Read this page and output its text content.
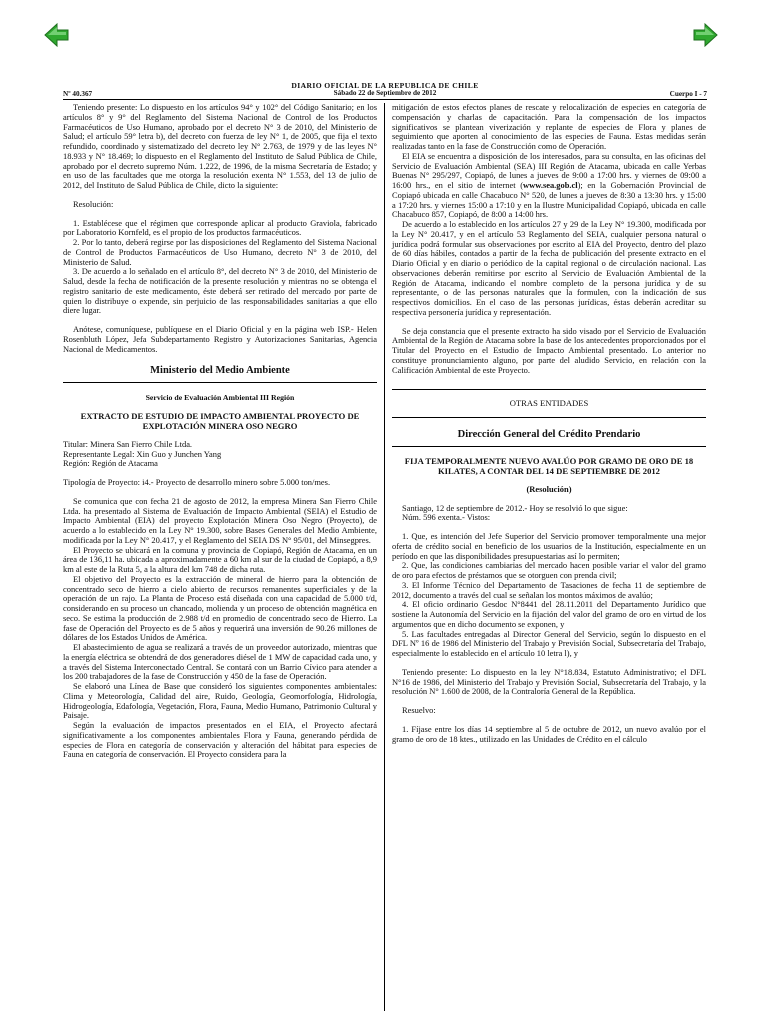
DIARIO OFICIAL DE LA REPUBLICA DE CHILE
Nº 40.367	Cuerpo I - 7
Sábado 22 de Septiembre de 2012

Teniendo presente: Lo dispuesto en los artículos 94° y 102° del Código Sanitario; en los artículos 8° y 9° del Reglamento del Sistema Nacional de Control de los Productos Farmacéuticos de Uso Humano, aprobado por el decreto N° 3 de 2010, del Ministerio de Salud; el artículo 59° letra b), del decreto con fuerza de ley N° 1, de 2005, que fija el texto refundido, coordinado y sistematizado del decreto ley N° 2.763, de 1979 y de las leyes N° 18.933 y N° 18.469; lo dispuesto en el Reglamento del Instituto de Salud Pública de Chile, aprobado por el decreto supremo Núm. 1.222, de 1996, de la misma Secretaría de Estado; y en uso de las facultades que me otorga la resolución exenta N° 1.553, del 13 de julio de 2012, del Instituto de Salud Pública de Chile, dicto la siguiente:

Resolución:

1. Establécese que el régimen que corresponde aplicar al producto Graviola, fabricado por Laboratorio Kornfeld, es el propio de los productos farmacéuticos.

2. Por lo tanto, deberá regirse por las disposiciones del Reglamento del Sistema Nacional de Control de Productos Farmacéuticos de Uso Humano, decreto N° 3 de 2010, del Ministerio de Salud.

3. De acuerdo a lo señalado en el artículo 8°, del decreto N° 3 de 2010, del Ministerio de Salud, desde la fecha de notificación de la presente resolución y mientras no se obtenga el registro sanitario de este medicamento, éste deberá ser retirado del mercado por parte de quien lo distribuye o expende, sin perjuicio de las responsabilidades sanitarias a que ello diere lugar.

Anótese, comuníquese, publíquese en el Diario Oficial y en la página web ISP.- Helen Rosenbluth López, Jefa Subdepartamento Registro y Autorizaciones Sanitarias, Agencia Nacional de Medicamentos.

Ministerio del Medio Ambiente
Servicio de Evaluación Ambiental III Región
EXTRACTO DE ESTUDIO DE IMPACTO AMBIENTAL PROYECTO DE EXPLOTACIÓN MINERA OSO NEGRO

Titular: Minera San Fierro Chile Ltda.

Representante Legal: Xin Guo y Junchen Yang

Región: Región de Atacama

Tipología de Proyecto: i4.- Proyecto de desarrollo minero sobre 5.000 ton/mes.

Se comunica que con fecha 21 de agosto de 2012, la empresa Minera San Fierro Chile Ltda. ha presentado al Sistema de Evaluación de Impacto Ambiental (SEIA) el Estudio de Impacto Ambiental (EIA) del proyecto Explotación Minera Oso Negro (Proyecto), de acuerdo a lo establecido en la Ley N° 19.300, sobre Bases Generales del Medio Ambiente, modificada por la Ley N° 20.417, y el Reglamento del SEIA DS N° 95/01, del Minsegpres.

El Proyecto se ubicará en la comuna y provincia de Copiapó, Región de Atacama, en un área de 136,11 ha. ubicada a aproximadamente a 60 km al sur de la ciudad de Copiapó, a 8,9 km al este de la Ruta 5, a la altura del km 748 de dicha ruta.

El objetivo del Proyecto es la extracción de mineral de hierro para la obtención de concentrado seco de hierro a cielo abierto de recursos remanentes superficiales y de la operación de un rajo. La Planta de Proceso está diseñada con una capacidad de 5.000 t/d, considerando en su proceso un chancado, molienda y un proceso de obtención magnética en seco. Se estima la producción de 2.988 t/d en promedio de concentrado seco de Hierro. La fase de Operación del Proyecto es de 5 años y requerirá una inversión de 90.26 millones de dólares de los Estados Unidos de América.

El abastecimiento de agua se realizará a través de un proveedor autorizado, mientras que la energía eléctrica se obtendrá de dos generadores diésel de 1 MW de capacidad cada uno, y a través del Sistema Interconectado Central. Se contará con un Barrio Cívico para atender a los 200 trabajadores de la fase de Construcción y 450 de la fase de Operación.

Se elaboró una Línea de Base que consideró los siguientes componentes ambientales: Clima y Meteorología, Calidad del aire, Ruido, Geología, Geomorfología, Hidrología, Hidrogeología, Edafología, Vegetación, Flora, Fauna, Medio Humano, Patrimonio Cultural y Paisaje.

Según la evaluación de impactos presentados en el EIA, el Proyecto afectará significativamente a los componentes ambientales Flora y Fauna, generando pérdida de especies de Flora en categoría de conservación y alteración del hábitat para especies de Fauna en categoría de conservación. El Proyecto considera para la

mitigación de estos efectos planes de rescate y relocalización de especies en categoría de compensación y charlas de capacitación. Para la compensación de los impactos significativos se plantean viverización y replante de especies de Flora y planes de seguimiento que aporten al conocimiento de las especies de Fauna. Estas medidas serán realizadas tanto en la fase de Construcción como de Operación.

El EIA se encuentra a disposición de los interesados, para su consulta, en las oficinas del Servicio de Evaluación Ambiental (SEA) III Región de Atacama, ubicada en calle Yerbas Buenas N° 295/297, Copiapó, de lunes a jueves de 9:00 a 17:00 hrs. y viernes de 09:00 a 16:00 hrs., en el sitio de internet (www.sea.gob.cl); en la Gobernación Provincial de Copiapó ubicada en calle Chacabuco N° 520, de lunes a jueves de 8:30 a 13:30 hrs. y 15:00 a 17:20 hrs. y viernes 15:00 a 17:10 y en la Ilustre Municipalidad Copiapó, ubicada en calle Chacabuco 857, Copiapó, de 8:00 a 14:00 hrs.

De acuerdo a lo establecido en los artículos 27 y 29 de la Ley N° 19.300, modificada por la Ley N° 20.417, y en el artículo 53 Reglamento del SEIA, cualquier persona natural o jurídica podrá formular sus observaciones por escrito al EIA del Proyecto, dentro del plazo de 60 días hábiles, contados a partir de la fecha de publicación del presente extracto en el Diario Oficial y en diario o periódico de la capital regional o de circulación nacional. Las observaciones deberán remitirse por escrito al Servicio de Evaluación Ambiental de la Región de Atacama, indicando el nombre completo de la persona jurídica y de su representante, o de las personas naturales que la formulen, con la indicación de sus respectivos domicilios. En el caso de las personas jurídicas, éstas deberán acreditar su respectiva personería jurídica y representación.

Se deja constancia que el presente extracto ha sido visado por el Servicio de Evaluación Ambiental de la Región de Atacama sobre la base de los antecedentes proporcionados por el Titular del Proyecto en el Estudio de Impacto Ambiental presentado. Lo anterior no constituye pronunciamiento alguno, por parte del aludido Servicio, en relación con la Calificación Ambiental de este Proyecto.

OTRAS ENTIDADES
Dirección General del Crédito Prendario
FIJA TEMPORALMENTE NUEVO AVALÚO POR GRAMO DE ORO DE 18 KILATES, A CONTAR DEL 14 DE SEPTIEMBRE DE 2012
(Resolución)

Santiago, 12 de septiembre de 2012.- Hoy se resolvió lo que sigue:

Núm. 596 exenta.- Vistos:

1. Que, es intención del Jefe Superior del Servicio promover temporalmente una mejor oferta de crédito social en beneficio de los usuarios de la Institución, especialmente en un período en que las disponibilidades presupuestarias así lo permiten;

2. Que, las condiciones cambiarias del mercado hacen posible variar el valor del gramo de oro para efectos de préstamos que se otorguen con prenda civil;

3. El Informe Técnico del Departamento de Tasaciones de fecha 11 de septiembre de 2012, documento a través del cual se señalan los montos máximos de avalúo;

4. El oficio ordinario Gesdoc N°8441 del 28.11.2011 del Departamento Jurídico que sostiene la Autonomía del Servicio en la fijación del valor del gramo de oro en virtud de los argumentos que en dicho documento se exponen, y

5. Las facultades entregadas al Director General del Servicio, según lo dispuesto en el DFL Nº 16 de 1986 del Ministerio del Trabajo y Previsión Social, Subsecretaría del Trabajo, especialmente lo establecido en el artículo 10 letra l), y

Teniendo presente: Lo dispuesto en la ley N°18.834, Estatuto Administrativo; el DFL N°16 de 1986, del Ministerio del Trabajo y Previsión Social, Subsecretaría del Trabajo, y la resolución N° 1.600 de 2008, de la Contraloría General de la República.

Resuelvo:

1. Fíjase entre los días 14 septiembre al 5 de octubre de 2012, un nuevo avalúo por el gramo de oro de 18 ktes., utilizado en las Unidades de Crédito en el cálculo
